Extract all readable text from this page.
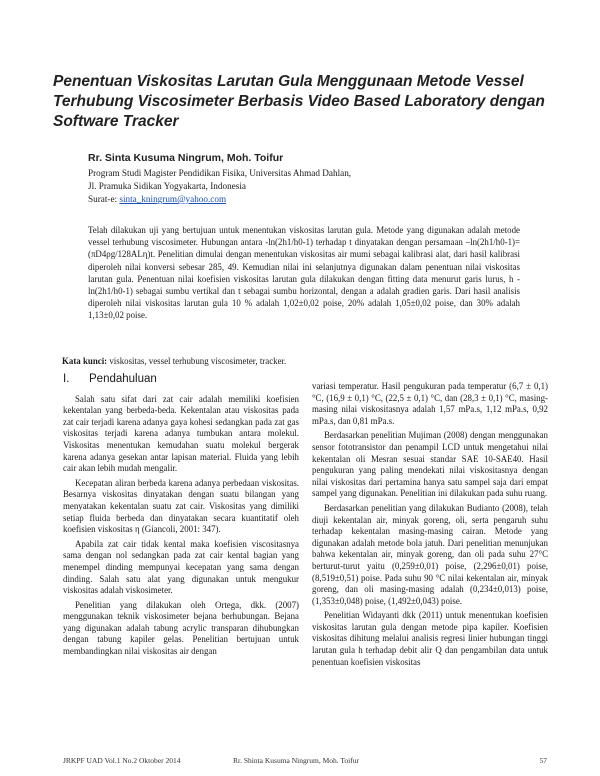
Penentuan Viskositas Larutan Gula Menggunaan Metode Vessel Terhubung Viscosimeter Berbasis Video Based Laboratory dengan Software Tracker
Rr. Sinta Kusuma Ningrum, Moh. Toifur
Program Studi Magister Pendidikan Fisika, Universitas Ahmad Dahlan,
Jl. Pramuka Sidikan Yogyakarta, Indonesia
Surat-e: sinta_kningrum@yahoo.com

Telah dilakukan uji yang bertujuan untuk menentukan viskositas larutan gula. Metode yang digunakan adalah metode vessel terhubung viscosimeter. Hubungan antara -ln(2h1/h0-1) terhadap t dinyatakan dengan persamaan –ln(2h1/h0-1)=(πD4ρg/128ALη)t. Penelitian dimulai dengan menentukan viskositas air mumi sebagai kalibrasi alat, dari hasil kalibrasi diperoleh nilai konversi sebesar 285, 49. Kemudian nilai ini selanjutnya digunakan dalam penentuan nilai viskositas larutan gula. Penentuan nilai koefisien viskositas larutan gula dilakukan dengan fitting data menurut garis lurus, h -ln(2h1/h0-1) sebagai sumbu vertikal dan t sebagai sumbu horizontal, dengan a adalah gradien garis. Dari hasil analisis diperoleh nilai viskositas larutan gula 10 % adalah 1,02±0,02 poise, 20% adalah 1,05±0,02 poise, dan 30% adalah 1,13±0,02 poise.

Kata kunci: viskositas, vessel terhubung viscosimeter, tracker.
I. Pendahuluan

Salah satu sifat dari zat cair adalah memiliki koefisien kekentalan yang berbeda-beda. Kekentalan atau viskositas pada zat cair terjadi karena adanya gaya kohesi sedangkan pada zat gas viskositas terjadi karena adanya tumbukan antara molekul. Viskositas menentukan kemudahan suatu molekul bergerak karena adanya gesekan antar lapisan material. Fluida yang lebih cair akan lebih mudah mengalir.

Kecepatan aliran berbeda karena adanya perbedaan viskositas. Besarnya viskositas dinyatakan dengan suatu bilangan yang menyatakan kekentalan suatu zat cair. Viskositas yang dimiliki setiap fluida berbeda dan dinyatakan secara kuantitatif oleh koefisien viskositas η (Giancoli, 2001: 347).

Apabila zat cair tidak kental maka koefisien viscositasnya sama dengan nol sedangkan pada zat cair kental bagian yang menempel dinding mempunyai kecepatan yang sama dengan dinding. Salah satu alat yang digunakan untuk mengukur viskositas adalah viskosimeter.

Penelitian yang dilakukan oleh Ortega, dkk. (2007) menggunakan teknik viskosimeter bejana berhubungan. Bejana yang digunakan adalah tabung acrylic transparan dihubungkan dengan tabung kapiler gelas. Penelitian bertujuan untuk membandingkan nilai viskositas air dengan

variasi temperatur. Hasil pengukuran pada temperatur (6,7 ± 0,1) °C, (16,9 ± 0,1) °C, (22,5 ± 0,1) °C, dan (28,3 ± 0,1) °C, masing-masing nilai viskositasnya adalah 1,57 mPa.s, 1,12 mPa.s, 0,92 mPa.s, dan 0,81 mPa.s.

Berdasarkan penelitian Mujiman (2008) dengan menggunakan sensor fototransistor dan penampil LCD untuk mengetahui nilai kekentalan oli Mesran sesuai standar SAE 10-SAE40. Hasil pengukuran yang paling mendekati nilai viskositasnya dengan nilai viskositas dari pertamina hanya satu sampel saja dari empat sampel yang digunakan. Penelitian ini dilakukan pada suhu ruang.

Berdasarkan penelitian yang dilakukan Budianto (2008), telah diuji kekentalan air, minyak goreng, oli, serta pengaruh suhu terhadap kekentalan masing-masing cairan. Metode yang digunakan adalah metode bola jatuh. Dari penelitian menunjukan bahwa kekentalan air, minyak goreng, dan oli pada suhu 27°C berturut-turut yaitu (0,259±0,01) poise, (2,296±0,01) poise, (8,519±0,51) poise. Pada suhu 90 °C nilai kekentalan air, minyak goreng, dan oli masing-masing adalah (0,234±0,013) poise, (1,353±0,048) poise, (1,492±0,043) poise.

Penelitian Widayanti dkk (2011) untuk menentukan koefisien viskositas larutan gula dengan metode pipa kapiler. Koefisien viskositas dihitung melalui analisis regresi linier hubungan tinggi larutan gula h terhadap debit alir Q dan pengambilan data untuk penentuan koefisien viskositas

JRKPF UAD Vol.1 No.2 Oktober 2014	Rr. Shinta Kusuma Ningrum, Moh. Toifur	57
